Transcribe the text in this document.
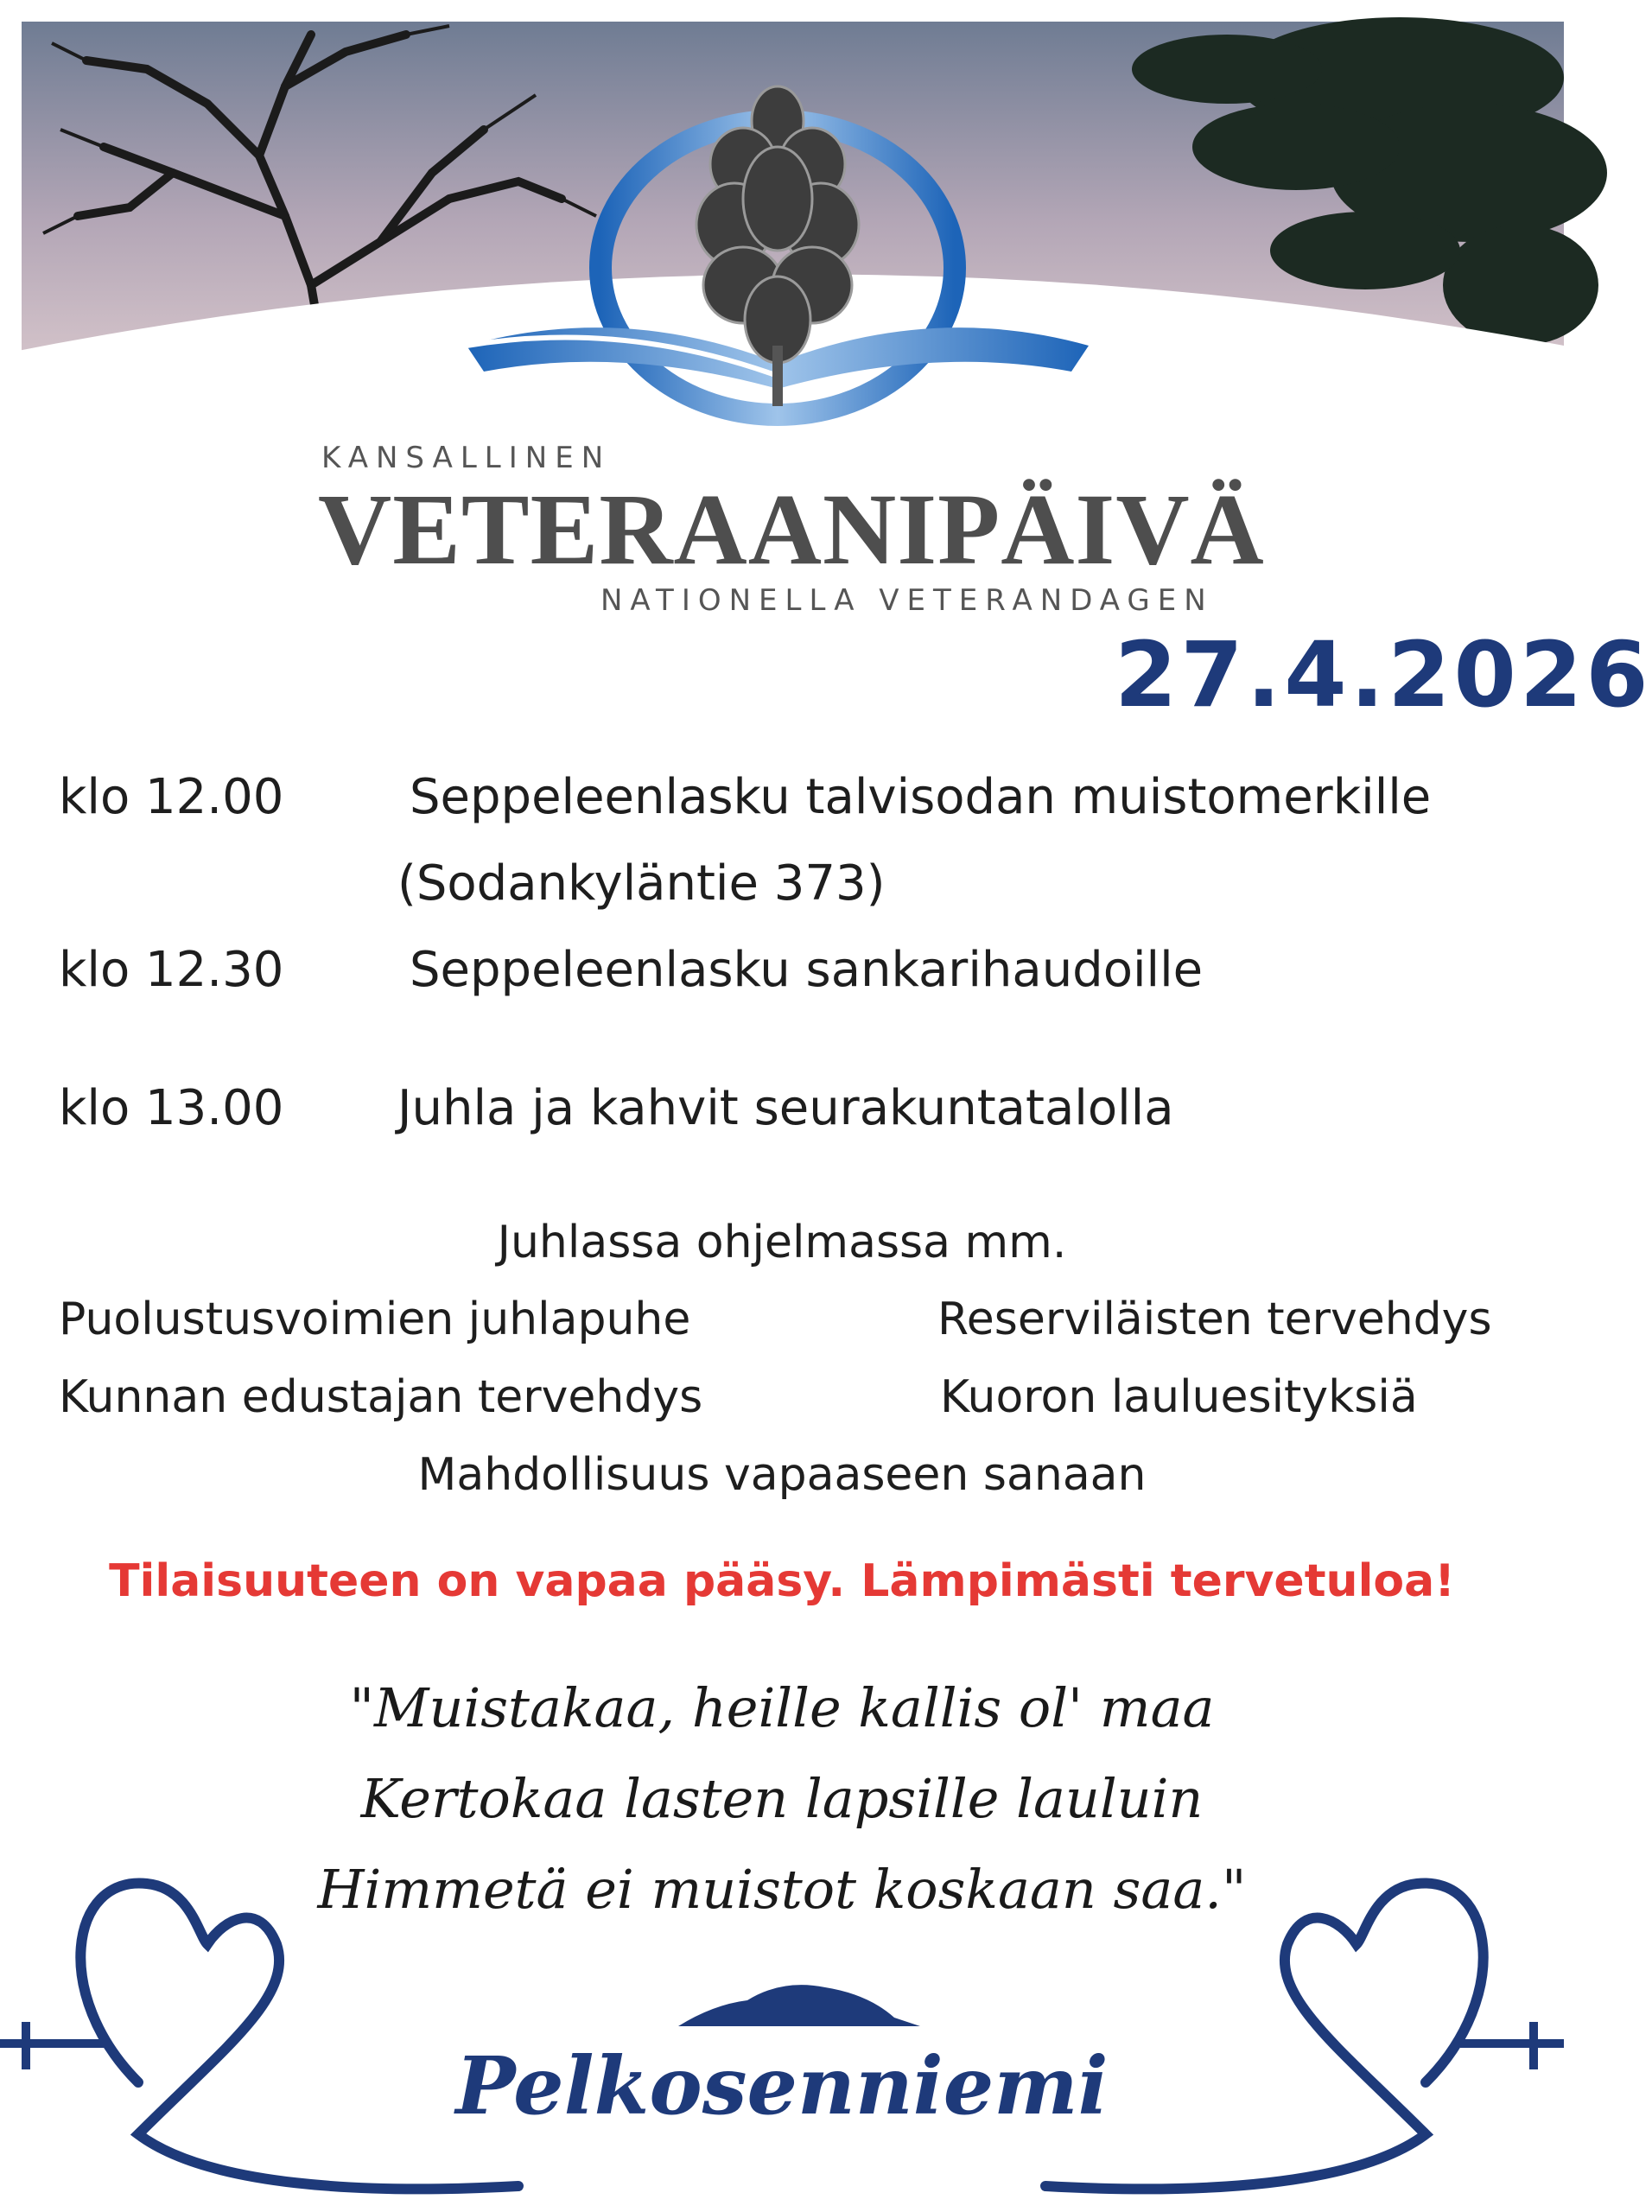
KANSALLINEN
VETERAANIPÄIVÄ
NATIONELLA VETERANDAGEN
27.4.2026
klo 12.00	Seppeleenlasku talvisodan muistomerkille
(Sodankyläntie 373)
klo 12.30	Seppeleenlasku sankarihaudoille
klo 13.00 Juhla ja kahvit seurakuntatalolla
Juhlassa ohjelmassa mm.
Puolustusvoimien juhlapuhe	Reserviläisten tervehdys
Kunnan edustajan tervehdys	Kuoron lauluesityksiä
Mahdollisuus vapaaseen sanaan
Tilaisuuteen on vapaa pääsy. Lämpimästi tervetuloa!
"Muistakaa, heille kallis ol' maa
Kertokaa lasten lapsille lauluin
Himmetä ei muistot koskaan saa."
Pelkosenniemi
